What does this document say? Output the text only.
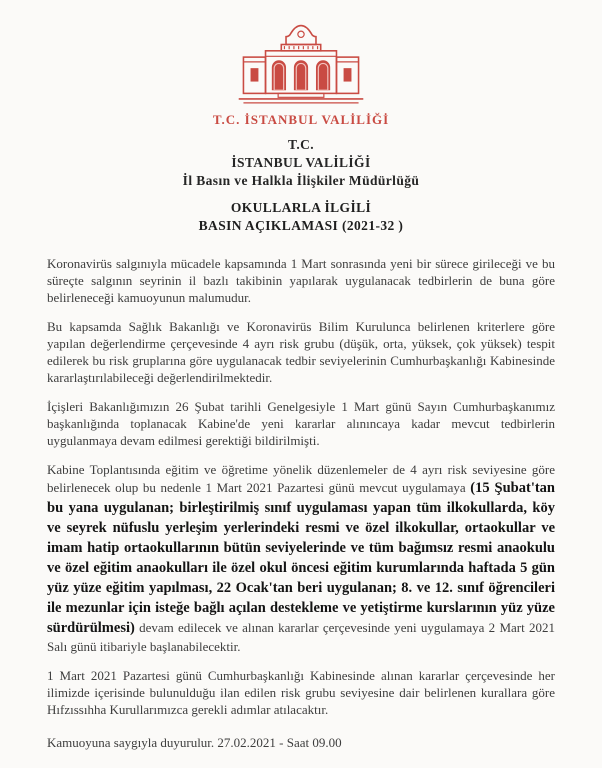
T.C. İSTANBUL VALİLİĞİ
T.C.
İSTANBUL VALİLİĞİ
İl Basın ve Halkla İlişkiler Müdürlüğü
OKULLARLA İLGİLİ
BASIN AÇIKLAMASI (2021-32 )

Koronavirüs salgınıyla mücadele kapsamında 1 Mart sonrasında yeni bir sürece girileceği ve bu süreçte salgının seyrinin il bazlı takibinin yapılarak uygulanacak tedbirlerin de buna göre belirleneceği kamuoyunun malumudur.

Bu kapsamda Sağlık Bakanlığı ve Koronavirüs Bilim Kurulunca belirlenen kriterlere göre yapılan değerlendirme çerçevesinde 4 ayrı risk grubu (düşük, orta, yüksek, çok yüksek) tespit edilerek bu risk gruplarına göre uygulanacak tedbir seviyelerinin Cumhurbaşkanlığı Kabinesinde kararlaştırılabileceği değerlendirilmektedir.

İçişleri Bakanlığımızın 26 Şubat tarihli Genelgesiyle 1 Mart günü Sayın Cumhurbaşkanımız başkanlığında toplanacak Kabine'de yeni kararlar alınıncaya kadar mevcut tedbirlerin uygulanmaya devam edilmesi gerektiği bildirilmişti.

Kabine Toplantısında eğitim ve öğretime yönelik düzenlemeler de 4 ayrı risk seviyesine göre belirlenecek olup bu nedenle 1 Mart 2021 Pazartesi günü mevcut uygulamaya (15 Şubat'tan bu yana uygulanan; birleştirilmiş sınıf uygulaması yapan tüm ilkokullarda, köy ve seyrek nüfuslu yerleşim yerlerindeki resmi ve özel ilkokullar, ortaokullar ve imam hatip ortaokullarının bütün seviyelerinde ve tüm bağımsız resmi anaokulu ve özel eğitim anaokulları ile özel okul öncesi eğitim kurumlarında haftada 5 gün yüz yüze eğitim yapılması, 22 Ocak'tan beri uygulanan; 8. ve 12. sınıf öğrencileri ile mezunlar için isteğe bağlı açılan destekleme ve yetiştirme kurslarının yüz yüze sürdürülmesi) devam edilecek ve alınan kararlar çerçevesinde yeni uygulamaya 2 Mart 2021 Salı günü itibariyle başlanabilecektir.

1 Mart 2021 Pazartesi günü Cumhurbaşkanlığı Kabinesinde alınan kararlar çerçevesinde her ilimizde içerisinde bulunulduğu ilan edilen risk grubu seviyesine dair belirlenen kurallara göre Hıfzıssıhha Kurullarımızca gerekli adımlar atılacaktır.

Kamuoyuna saygıyla duyurulur. 27.02.2021 - Saat 09.00
